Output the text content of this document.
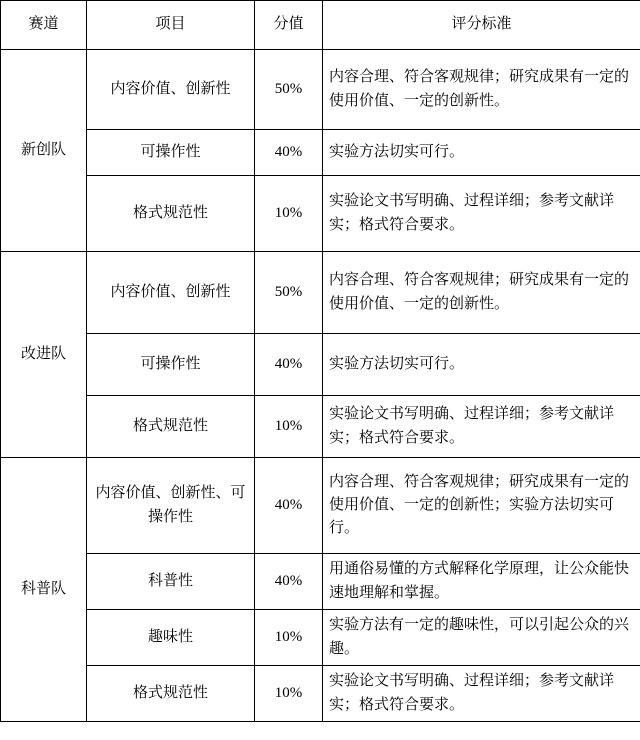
赛道	项目	分值	评分标准
新创队	内容价值、创新性	50%	内容合理、符合客观规律；研究成果有一定的使用价值、一定的创新性。
	可操作性	40%	实验方法切实可行。
	格式规范性	10%	实验论文书写明确、过程详细；参考文献详实；格式符合要求。
改进队	内容价值、创新性	50%	内容合理、符合客观规律；研究成果有一定的使用价值、一定的创新性。
	可操作性	40%	实验方法切实可行。
	格式规范性	10%	实验论文书写明确、过程详细；参考文献详实；格式符合要求。
科普队	内容价值、创新性、可操作性	40%	内容合理、符合客观规律；研究成果有一定的使用价值、一定的创新性；实验方法切实可行。
	科普性	40%	用通俗易懂的方式解释化学原理，让公众能快速地理解和掌握。
	趣味性	10%	实验方法有一定的趣味性，可以引起公众的兴趣。
	格式规范性	10%	实验论文书写明确、过程详细；参考文献详实；格式符合要求。
